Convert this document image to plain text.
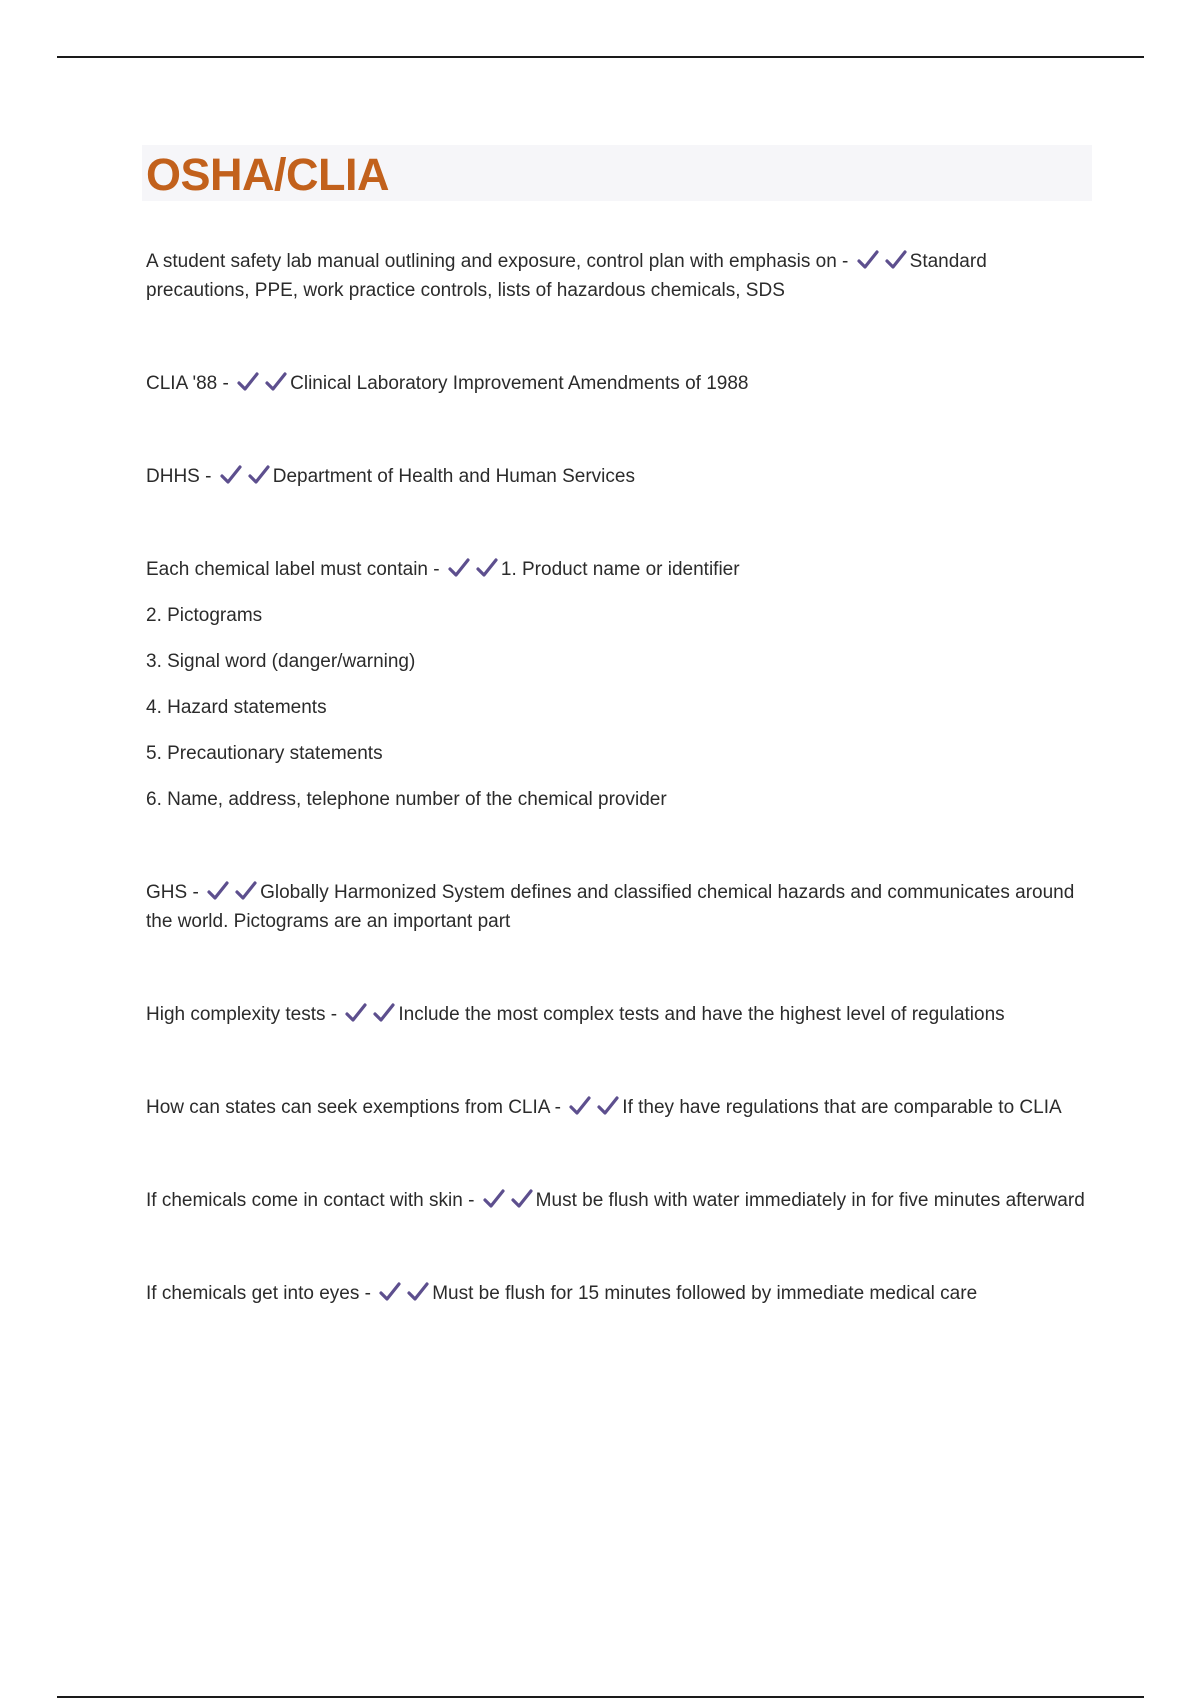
OSHA/CLIA

A student safety lab manual outlining and exposure, control plan with emphasis on -	Standard precautions, PPE, work practice controls, lists of hazardous chemicals, SDS

CLIA '88 -	Clinical Laboratory Improvement Amendments of 1988

DHHS -	Department of Health and Human Services

Each chemical label must contain -	1. Product name or identifier

2. Pictograms

3. Signal word (danger/warning)

4. Hazard statements

5. Precautionary statements

6. Name, address, telephone number of the chemical provider

GHS -	Globally Harmonized System defines and classified chemical hazards and communicates around the world. Pictograms are an important part

High complexity tests -	Include the most complex tests and have the highest level of regulations

How can states can seek exemptions from CLIA -	If they have regulations that are comparable to CLIA

If chemicals come in contact with skin -	Must be flush with water immediately in for five minutes afterward

If chemicals get into eyes -	Must be flush for 15 minutes followed by immediate medical care
